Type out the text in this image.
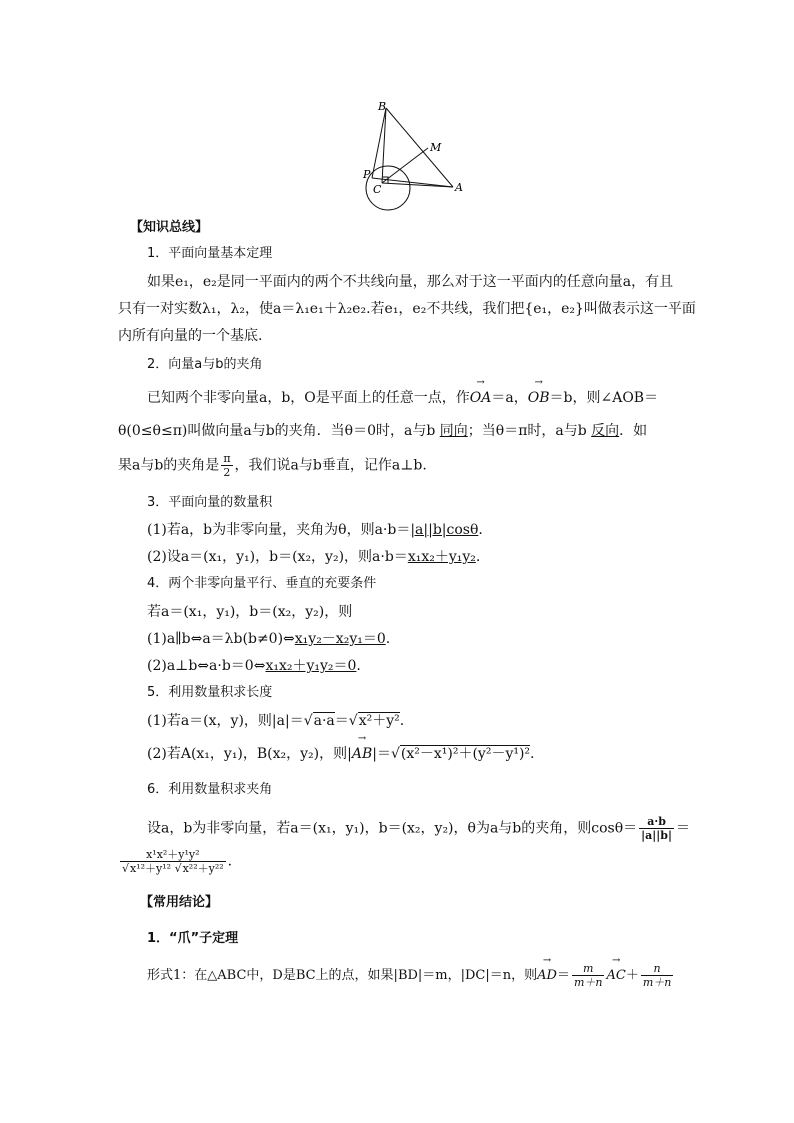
B
M
P
C	A
【知识总线】
1．平面向量基本定理
如果e₁，e₂是同一平面内的两个不共线向量，那么对于这一平面内的任意向量a，有且
只有一对实数λ₁，λ₂，使a＝λ₁e₁＋λ₂e₂.若e₁，e₂不共线，我们把{e₁，e₂}叫做表示这一平面
内所有向量的一个基底.
2．向量a与b的夹角
已知两个非零向量a，b，O是平面上的任意一点，作→ OA＝a，→ OB＝b，则∠AOB＝
θ(0≤θ≤π)叫做向量a与b的夹角．当θ＝0时，a与b 同向；当θ＝π时，a与b 反向．如
果a与b的夹角是 $\frac{\pi}{2}$ ，我们说a与b垂直，记作a⊥b.
3．平面向量的数量积
(1)若a，b为非零向量，夹角为θ，则a·b＝|a||b|cosθ.
(2)设a＝(x₁，y₁)，b＝(x₂，y₂)，则a·b＝x₁x₂＋y₁y₂.
4．两个非零向量平行、垂直的充要条件
若a＝(x₁，y₁)，b＝(x₂，y₂)，则
(1)a∥b⇔a＝λb(b≠0)⇔x₁y₂－x₂y₁＝0.
(2)a⊥b⇔a·b＝0⇔x₁x₂＋y₁y₂＝0.
5．利用数量积求长度
(1)若a＝(x，y)，则|a|＝√a·a＝√x²＋y².
(2)若A(x₁，y₁)，B(x₂，y₂)，则|→ AB|＝√(x²－x¹)²＋(y²－y¹)².
6．利用数量积求夹角
设a，b为非零向量，若a＝(x₁，y₁)，b＝(x₂，y₂)，θ为a与b的夹角，则$\cos\theta= \frac{a\cdot b}{|a||b|}$ ＝
$\frac{\text{x¹x²＋y¹y²}}{\text{√x¹²＋y¹² √x²²＋y²²}}$ .
【常用结论】
1．“爪”子定理
形式1：在△ABC中，D是BC上的点，如果|BD|＝m，|DC|＝n，则→ $AD= \frac{m}{m+n}$
→ $AC+ \frac{n}{m+n}$
